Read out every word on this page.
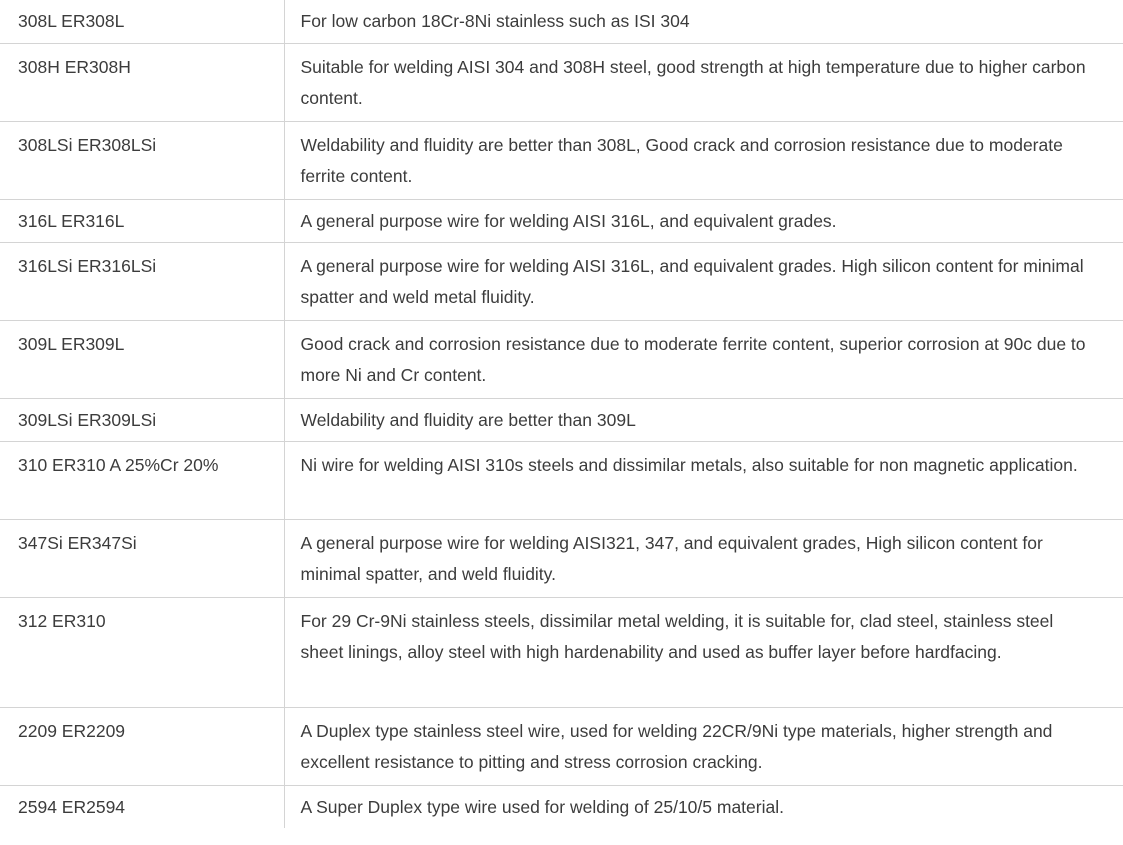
308L ER308L	For low carbon 18Cr-8Ni stainless such as ISI 304
308H ER308H	Suitable for welding AISI 304 and 308H steel, good strength at high temperature due to higher carbon content.
308LSi ER308LSi	Weldability and fluidity are better than 308L, Good crack and corrosion resistance due to moderate ferrite content.
316L ER316L	A general purpose wire for welding AISI 316L, and equivalent grades.
316LSi ER316LSi	A general purpose wire for welding AISI 316L, and equivalent grades. High silicon content for minimal spatter and weld metal fluidity.
309L ER309L	Good crack and corrosion resistance due to moderate ferrite content, superior corrosion at 90c due to more Ni and Cr content.
309LSi ER309LSi	Weldability and fluidity are better than 309L
310 ER310 A 25%Cr 20%	Ni wire for welding AISI 310s steels and dissimilar metals, also suitable for non magnetic application.
347Si ER347Si	A general purpose wire for welding AISI321, 347, and equivalent grades, High silicon content for minimal spatter, and weld fluidity.
312 ER310	For 29 Cr-9Ni stainless steels, dissimilar metal welding, it is suitable for, clad steel, stainless steel sheet linings, alloy steel with high hardenability and used as buffer layer before hardfacing.
2209 ER2209	A Duplex type stainless steel wire, used for welding 22CR/9Ni type materials, higher strength and excellent resistance to pitting and stress corrosion cracking.
2594 ER2594	A Super Duplex type wire used for welding of 25/10/5 material.
